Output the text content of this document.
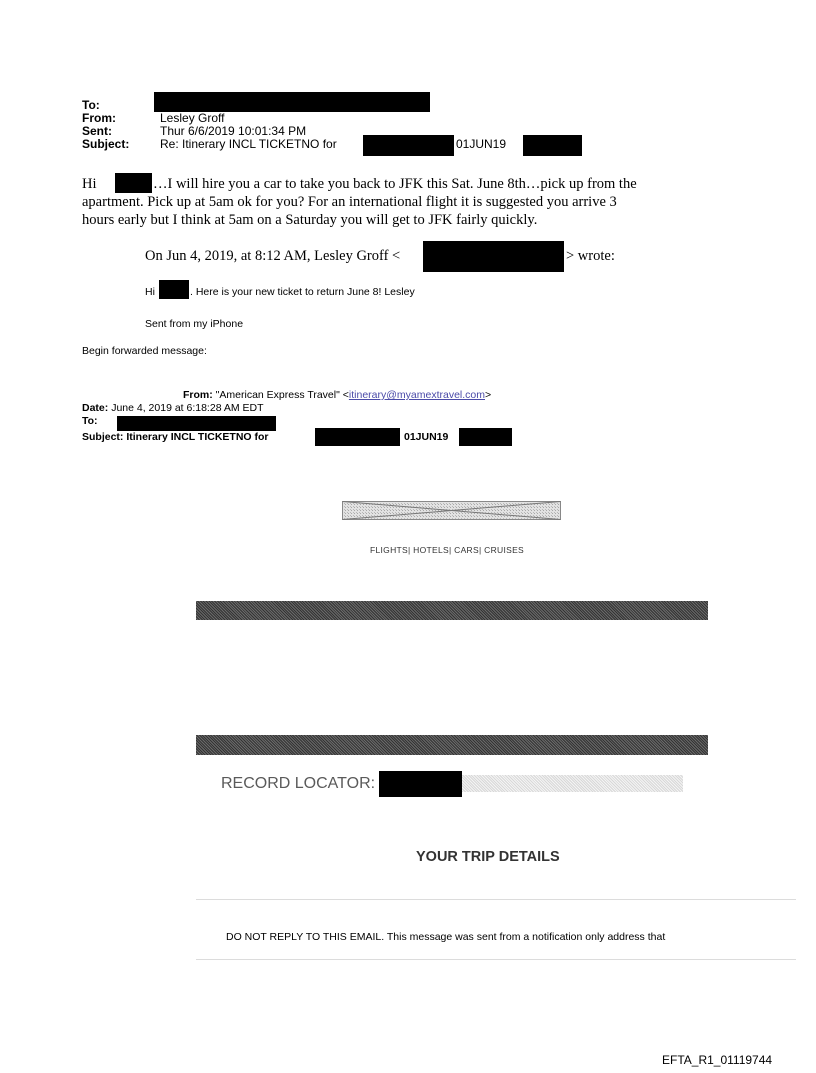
To:
From:	Lesley Groff
Sent:	Thur 6/6/2019 10:01:34 PM
Subject:	Re: Itinerary INCL TICKETNO for	01JUN19
Hi	…I will hire you a car to take you back to JFK this Sat. June 8th…pick up from the
apartment. Pick up at 5am ok for you? For an international flight it is suggested you arrive 3
hours early but I think at 5am on a Saturday you will get to JFK fairly quickly.
On Jun 4, 2019, at 8:12 AM, Lesley Groff <	> wrote:
Hi	. Here is your new ticket to return June 8! Lesley
Sent from my iPhone
Begin forwarded message:
From: "American Express Travel" <itinerary@myamextravel.com>
Date: June 4, 2019 at 6:18:28 AM EDT
To:
Subject: Itinerary INCL TICKETNO for	01JUN19
FLIGHTS| HOTELS| CARS| CRUISES
RECORD LOCATOR:
YOUR TRIP DETAILS
DO NOT REPLY TO THIS EMAIL. This message was sent from a notification only address that
EFTA_R1_01119744
